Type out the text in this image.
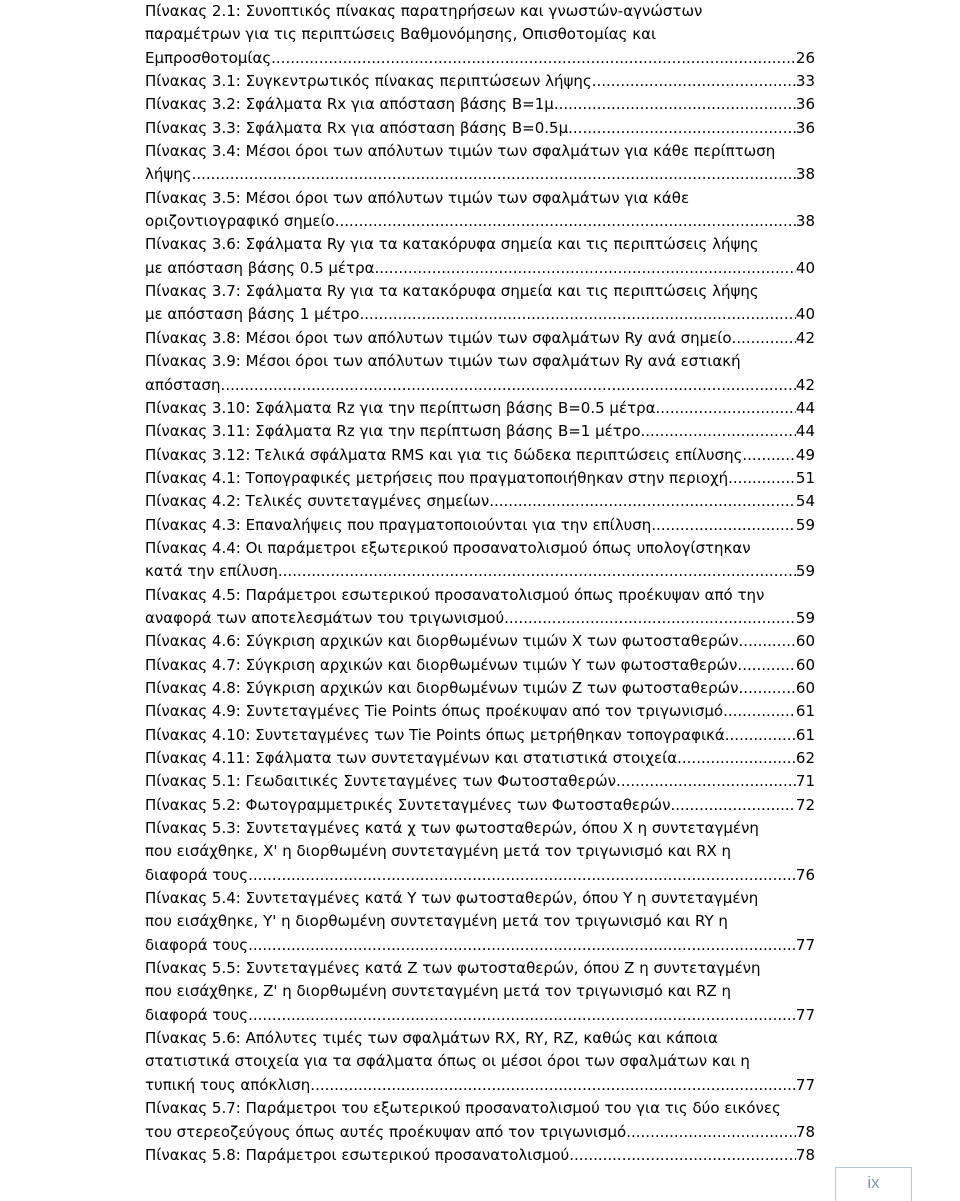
Πίνακας 2.1: Συνοπτικός πίνακας παρατηρήσεων και γνωστών-αγνώστων
παραμέτρων για τις περιπτώσεις Βαθμονόμησης, Οπισθοτομίας και
Εμπροσθοτομίας. .....	26
Πίνακας 3.1: Συγκεντρωτικός πίνακας περιπτώσεων λήψης. .....	33
Πίνακας 3.2: Σφάλματα Rx για απόσταση βάσης Β=1μ .....	36
Πίνακας 3.3: Σφάλματα Rx για απόσταση βάσης Β=0.5μ. .....	36
Πίνακας 3.4: Μέσοι όροι των απόλυτων τιμών των σφαλμάτων για κάθε περίπτωση
λήψης. .....	38
Πίνακας 3.5: Μέσοι όροι των απόλυτων τιμών των σφαλμάτων για κάθε
οριζοντιογραφικό σημείο. .....	38
Πίνακας 3.6: Σφάλματα Ry για τα κατακόρυφα σημεία και τις περιπτώσεις λήψης
με απόσταση βάσης 0.5 μέτρα. .....	40
Πίνακας 3.7: Σφάλματα Ry για τα κατακόρυφα σημεία και τις περιπτώσεις λήψης
με απόσταση βάσης 1 μέτρο. .....	40
Πίνακας 3.8: Μέσοι όροι των απόλυτων τιμών των σφαλμάτων Ry ανά σημείο. .....	42
Πίνακας 3.9: Μέσοι όροι των απόλυτων τιμών των σφαλμάτων Ry ανά εστιακή
απόσταση. .....	42
Πίνακας 3.10: Σφάλματα Rz για την περίπτωση βάσης Β=0.5 μέτρα. .....	44
Πίνακας 3.11: Σφάλματα Rz για την περίπτωση βάσης Β=1 μέτρο. .....	44
Πίνακας 3.12: Τελικά σφάλματα RMS και για τις δώδεκα περιπτώσεις επίλυσης. .....	49
Πίνακας 4.1: Τοπογραφικές μετρήσεις που πραγματοποιήθηκαν στην περιοχή. .....	51
Πίνακας 4.2: Τελικές συντεταγμένες σημείων. .....	54
Πίνακας 4.3: Επαναλήψεις που πραγματοποιούνται για την επίλυση. .....	59
Πίνακας 4.4: Οι παράμετροι εξωτερικού προσανατολισμού όπως υπολογίστηκαν
κατά την επίλυση. .....	59
Πίνακας 4.5: Παράμετροι εσωτερικού προσανατολισμού όπως προέκυψαν από την
αναφορά των αποτελεσμάτων του τριγωνισμού. .....	59
Πίνακας 4.6: Σύγκριση αρχικών και διορθωμένων τιμών Χ των φωτοσταθερών. .....	60
Πίνακας 4.7: Σύγκριση αρχικών και διορθωμένων τιμών Υ των φωτοσταθερών. .....	60
Πίνακας 4.8: Σύγκριση αρχικών και διορθωμένων τιμών Ζ των φωτοσταθερών. .....	60
Πίνακας 4.9: Συντεταγμένες Tie Points όπως προέκυψαν από τον τριγωνισμό. .....	61
Πίνακας 4.10: Συντεταγμένες των Tie Points όπως μετρήθηκαν τοπογραφικά. .....	61
Πίνακας 4.11: Σφάλματα των συντεταγμένων και στατιστικά στοιχεία. .....	62
Πίνακας 5.1: Γεωδαιτικές Συντεταγμένες των Φωτοσταθερών. .....	71
Πίνακας 5.2: Φωτογραμμετρικές Συντεταγμένες των Φωτοσταθερών .....	72
Πίνακας 5.3: Συντεταγμένες κατά χ των φωτοσταθερών, όπου Χ η συντεταγμένη
που εισάχθηκε, Χ' η διορθωμένη συντεταγμένη μετά τον τριγωνισμό και RX η
διαφορά τους. .....	76
Πίνακας 5.4: Συντεταγμένες κατά Υ των φωτοσταθερών, όπου Υ η συντεταγμένη
που εισάχθηκε, Υ' η διορθωμένη συντεταγμένη μετά τον τριγωνισμό και RY η
διαφορά τους. .....	77
Πίνακας 5.5: Συντεταγμένες κατά Ζ των φωτοσταθερών, όπου Ζ η συντεταγμένη
που εισάχθηκε, Ζ' η διορθωμένη συντεταγμένη μετά τον τριγωνισμό και RZ η
διαφορά τους. .....	77
Πίνακας 5.6: Απόλυτες τιμές των σφαλμάτων RX, RY, RZ, καθώς και κάποια
στατιστικά στοιχεία για τα σφάλματα όπως οι μέσοι όροι των σφαλμάτων και η
τυπική τους απόκλιση. .....	77
Πίνακας 5.7: Παράμετροι του εξωτερικού προσανατολισμού του για τις δύο εικόνες
του στερεοζεύγους όπως αυτές προέκυψαν από τον τριγωνισμό. .....	78
Πίνακας 5.8: Παράμετροι εσωτερικού προσανατολισμού. .....	78
ix
